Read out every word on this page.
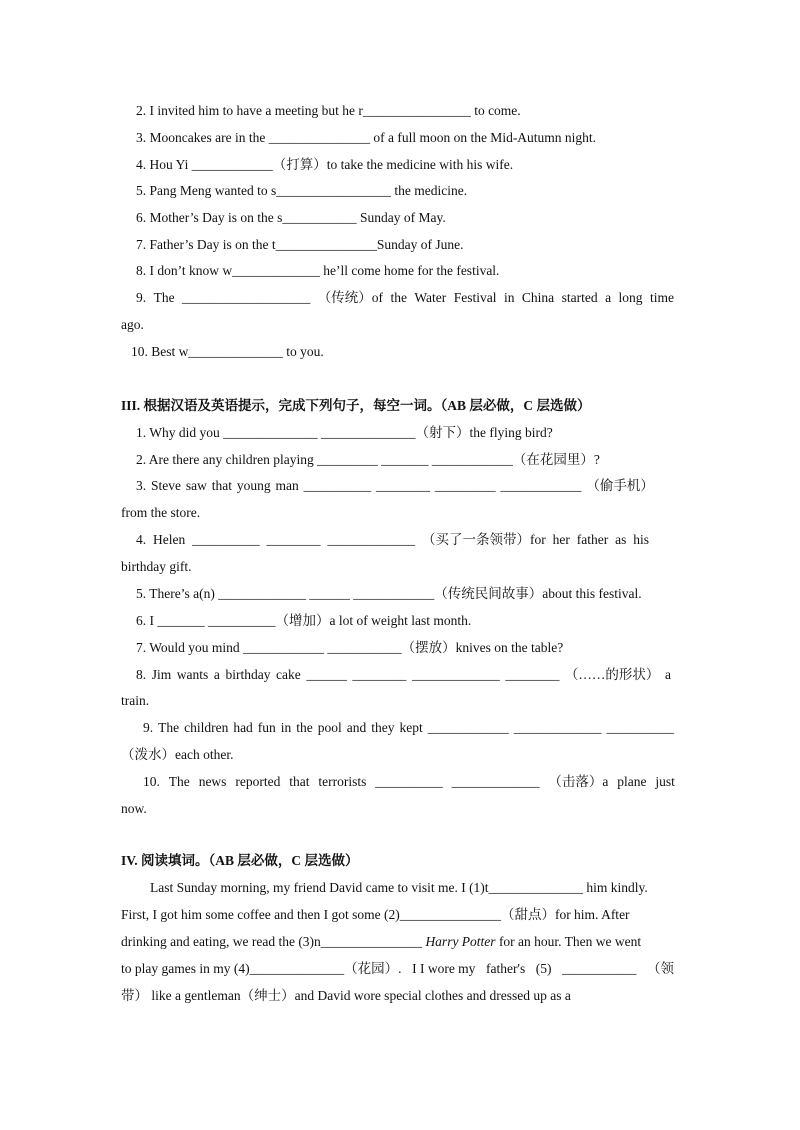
2. I invited him to have a meeting but he r________________ to come.
3. Mooncakes are in the _______________ of a full moon on the Mid-Autumn night.
4. Hou Yi ____________（打算）to take the medicine with his wife.
5. Pang Meng wanted to s_________________ the medicine.
6. Mother’s Day is on the s___________ Sunday of May.
7. Father’s Day is on the t_______________Sunday of June.
8. I don’t know w_____________ he’ll come home for the festival.
9. The ___________________ （传统）of the Water Festival in China started a long time
ago.
10. Best w______________ to you.
III. 根据汉语及英语提示，完成下列句子，每空一词。（AB 层必做，C 层选做）
1. Why did you ______________ ______________（射下）the flying bird?
2. Are there any children playing _________ _______ ____________（在花园里）?
3. Steve saw that young man __________ ________ _________ ____________ （偷手机）
from the store.
4. Helen __________ ________ _____________ （买了一条领带）for her father as his
birthday gift.
5. There’s a(n) _____________ ______ ____________（传统民间故事）about this festival.
6. I _______ __________（增加）a lot of weight last month.
7. Would you mind ____________ ___________（摆放）knives on the table?
8. Jim wants a birthday cake ______ ________ _____________ ________ （……的形状） a
train.
9. The children had fun in the pool and they kept ____________ _____________ __________
（泼水）each other.
10. The news reported that terrorists __________ _____________ （击落）a plane just
now.
IV. 阅读填词。（AB 层必做，C 层选做）
Last Sunday morning, my friend David came to visit me. I (1)t______________ him kindly.
First, I got him some coffee and then I got some (2)_______________（甜点）for him. After
drinking and eating, we read the (3)n_______________ Harry Potter for an hour. Then we went
to play games in my (4)______________（花园）. I I wore my father's (5) ___________ （领
带） like a gentleman（绅士）and David wore special clothes and dressed up as a
